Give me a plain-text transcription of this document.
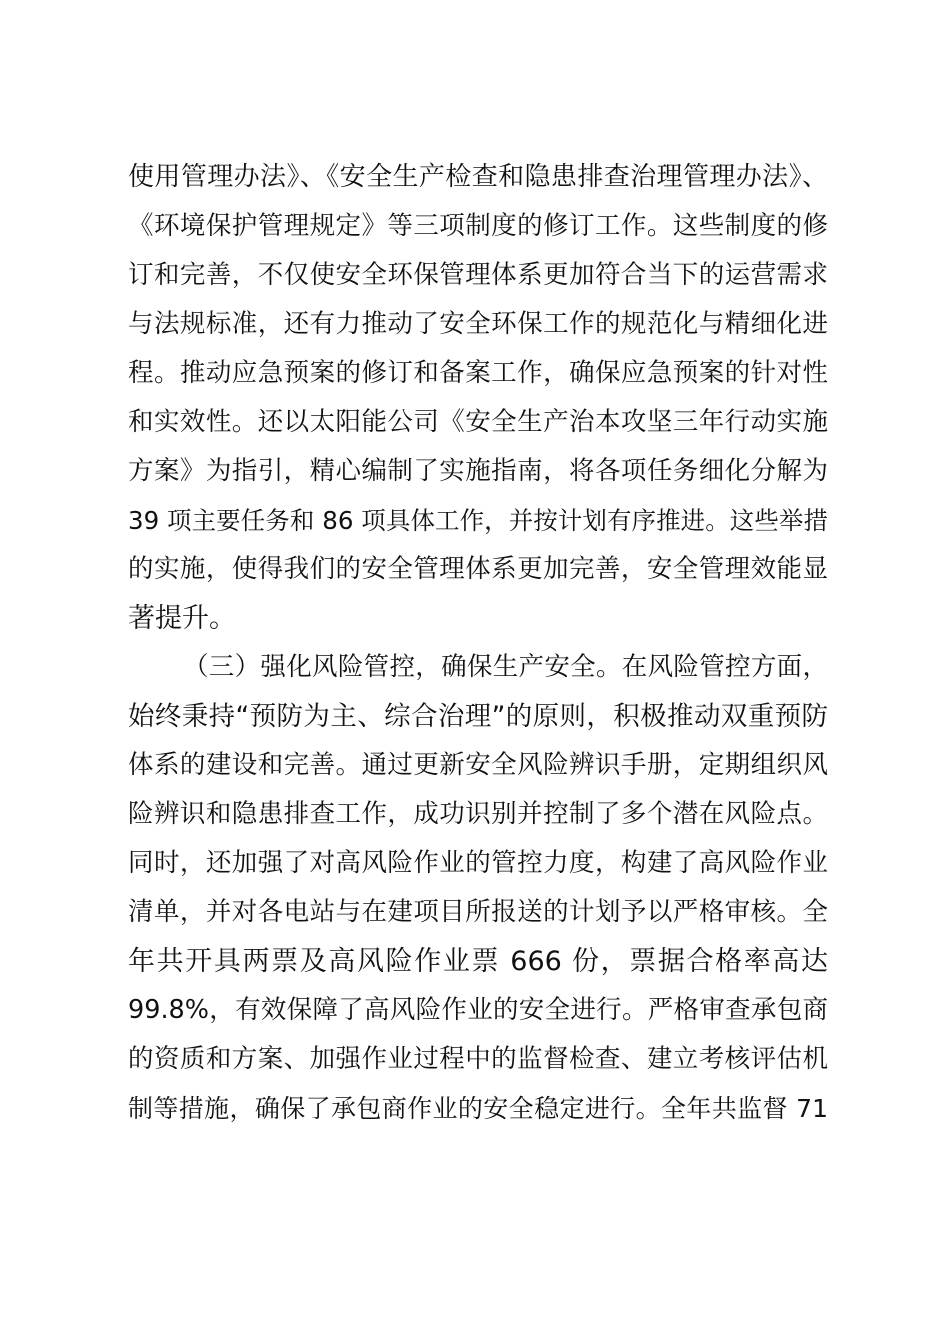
使用管理办法》、《安全生产检查和隐患排查治理管理办法》、
《环境保护管理规定》等三项制度的修订工作。这些制度的修
订和完善，不仅使安全环保管理体系更加符合当下的运营需求
与法规标准，还有力推动了安全环保工作的规范化与精细化进
程。推动应急预案的修订和备案工作，确保应急预案的针对性
和实效性。还以太阳能公司《安全生产治本攻坚三年行动实施
方案》为指引，精心编制了实施指南，将各项任务细化分解为
39 项主要任务和 86 项具体工作，并按计划有序推进。这些举措
的实施，使得我们的安全管理体系更加完善，安全管理效能显
著提升。
（三）强化风险管控，确保生产安全。在风险管控方面，
始终秉持“预防为主、综合治理”的原则，积极推动双重预防
体系的建设和完善。通过更新安全风险辨识手册，定期组织风
险辨识和隐患排查工作，成功识别并控制了多个潜在风险点。
同时，还加强了对高风险作业的管控力度，构建了高风险作业
清单，并对各电站与在建项目所报送的计划予以严格审核。全
年共开具两票及高风险作业票 666 份，票据合格率高达
99.8%，有效保障了高风险作业的安全进行。严格审查承包商
的资质和方案、加强作业过程中的监督检查、建立考核评估机
制等措施，确保了承包商作业的安全稳定进行。全年共监督 71
